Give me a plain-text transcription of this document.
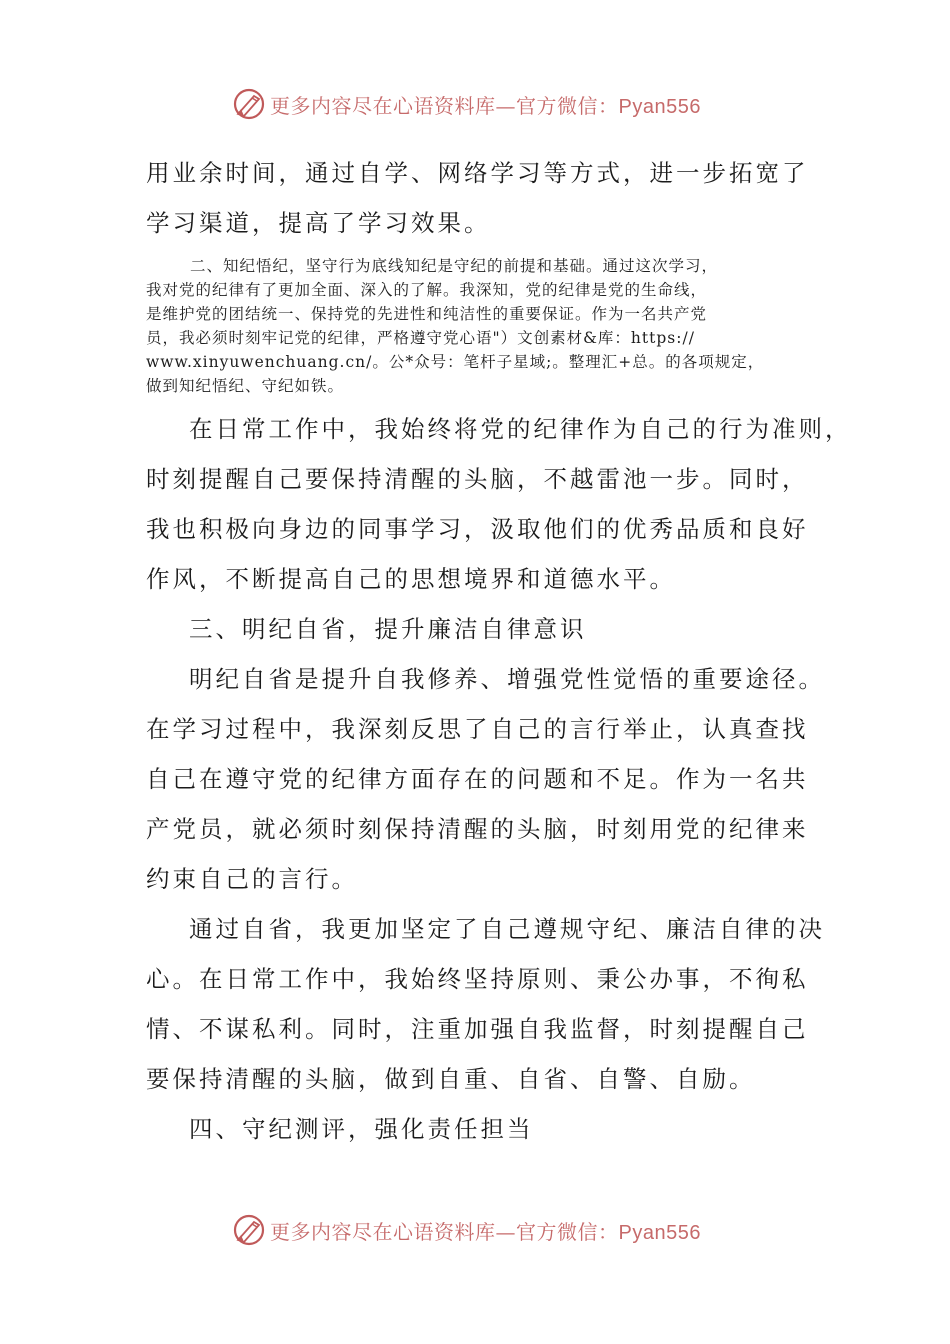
更多内容尽在心语资料库—官方微信：Pyan556

用业余时间，通过自学、网络学习等方式，进一步拓宽了
学习渠道，提高了学习效果。

二、知纪悟纪，坚守行为底线知纪是守纪的前提和基础。通过这次学习，
我对党的纪律有了更加全面、深入的了解。我深知，党的纪律是党的生命线，
是维护党的团结统一、保持党的先进性和纯洁性的重要保证。作为一名共产党
员，我必须时刻牢记党的纪律，严格遵守党心语"）文创素材&库：https://
www.xinyuwenchuang.cn/。公*众号：笔杆子星域;。整理汇+总。的各项规定，
做到知纪悟纪、守纪如铁。

在日常工作中，我始终将党的纪律作为自己的行为准则，
时刻提醒自己要保持清醒的头脑，不越雷池一步。同时，
我也积极向身边的同事学习，汲取他们的优秀品质和良好
作风，不断提高自己的思想境界和道德水平。

三、明纪自省，提升廉洁自律意识

明纪自省是提升自我修养、增强党性觉悟的重要途径。
在学习过程中，我深刻反思了自己的言行举止，认真查找
自己在遵守党的纪律方面存在的问题和不足。作为一名共
产党员，就必须时刻保持清醒的头脑，时刻用党的纪律来
约束自己的言行。

通过自省，我更加坚定了自己遵规守纪、廉洁自律的决
心。在日常工作中，我始终坚持原则、秉公办事，不徇私
情、不谋私利。同时，注重加强自我监督，时刻提醒自己
要保持清醒的头脑，做到自重、自省、自警、自励。

四、守纪测评，强化责任担当

更多内容尽在心语资料库—官方微信：Pyan556
